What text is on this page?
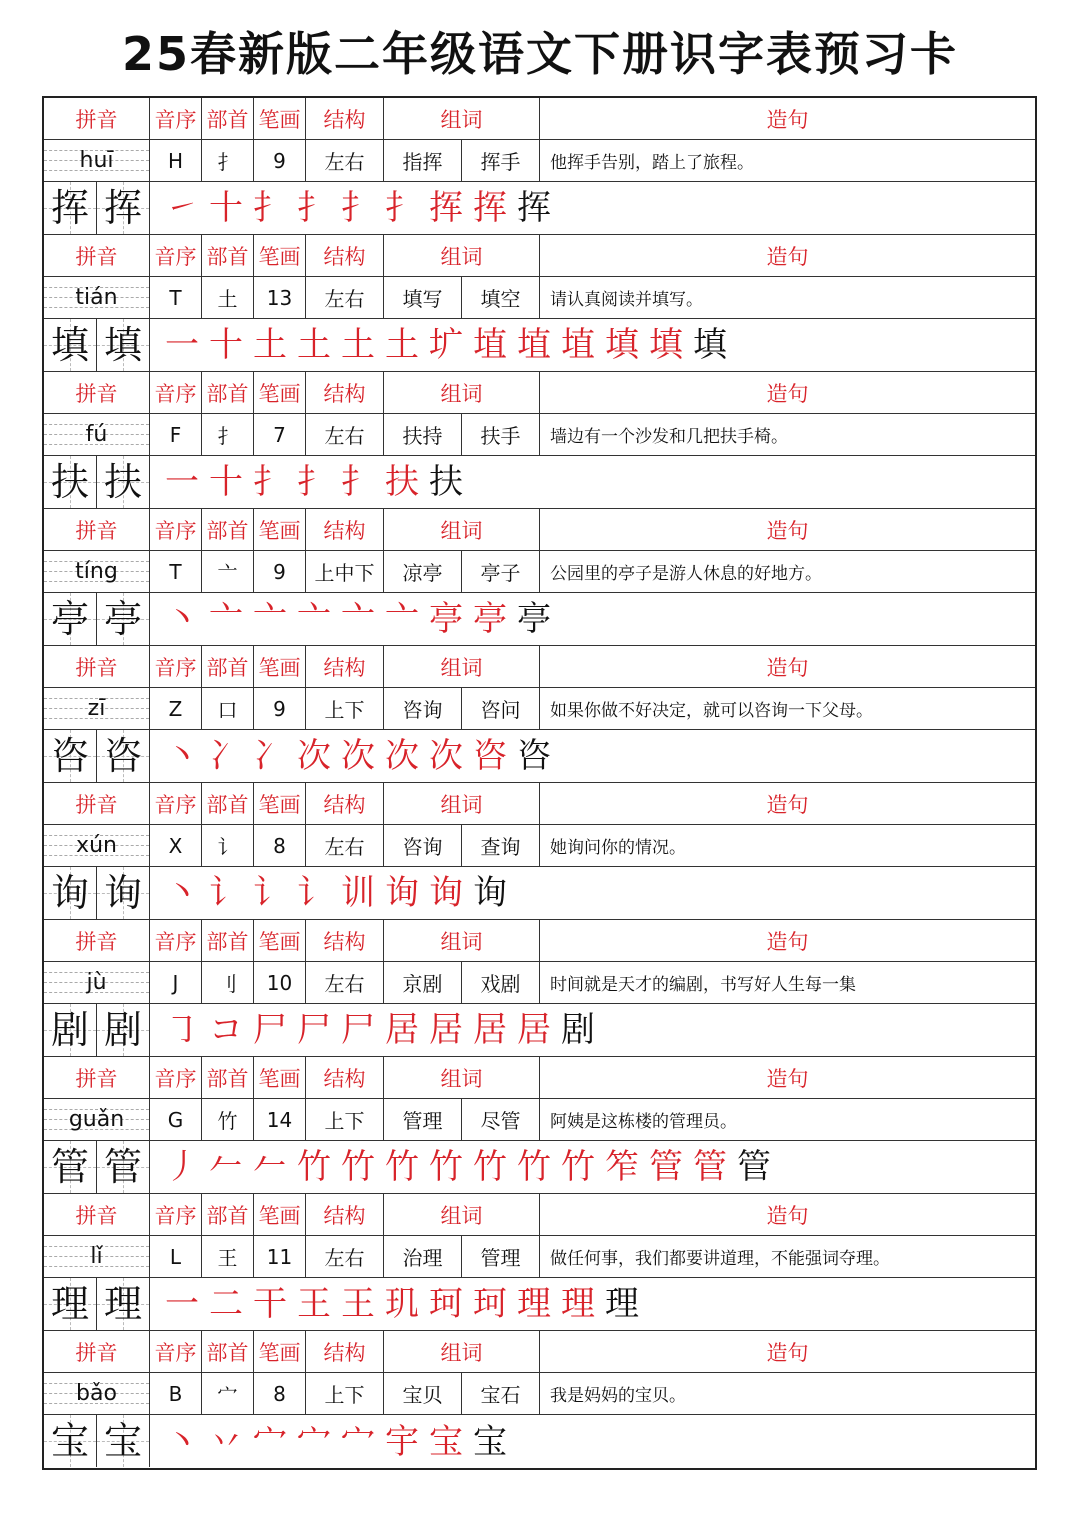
25春新版二年级语文下册识字表预习卡
拼音	音序 部首 笔画	结构	组词	造句
huī	H	扌	9	左右	指挥	挥手	他挥手告别，踏上了旅程。
挥 挥 ㇀ 十 扌 扌 扌 扌 挥 挥 挥
拼音	音序 部首 笔画	结构	组词	造句
tián	T	土	13	左右	填写	填空	请认真阅读并填写。
填 填 一 十 土 土 土 土 圹 埴 埴 埴 填 填 填
拼音	音序 部首 笔画	结构	组词	造句
fú	F	扌	7	左右	扶持	扶手	墙边有一个沙发和几把扶手椅。
扶 扶 一 十 扌 扌 扌 扶 扶
拼音	音序 部首 笔画	结构	组词	造句
tíng	T	亠	9	上中下	凉亭	亭子	公园里的亭子是游人休息的好地方。
亭 亭 丶 亠 亠 亠 亠 亠 亭 亭 亭
拼音	音序 部首 笔画	结构	组词	造句
zī	Z	口	9	上下	咨询	咨问	如果你做不好决定，就可以咨询一下父母。
咨 咨 丶 冫 冫 次 次 次 次 咨 咨
拼音	音序 部首 笔画	结构	组词	造句
xún	X	讠	8	左右	咨询	查询	她询问你的情况。
询 询 丶 讠 讠 讠 训 询 询 询
拼音	音序 部首 笔画	结构	组词	造句
jù	J	刂	10	左右	京剧	戏剧	时间就是天才的编剧，书写好人生每一集
剧 剧 ㇆ コ 尸 尸 尸 居 居 居 居 剧
拼音	音序 部首 笔画	结构	组词	造句
guǎn	G	竹	14	上下	管理	尽管	阿姨是这栋楼的管理员。
管 管 丿 𠂉 𠂉 竹 竹 竹 竹 竹 竹 竹 笮 管 管 管
拼音	音序 部首 笔画	结构	组词	造句
lǐ	L	王	11	左右	治理	管理	做任何事，我们都要讲道理，不能强词夺理。
理 理 一 二 干 王 王 玑 珂 珂 理 理 理
拼音	音序 部首 笔画	结构	组词	造句
bǎo	B	宀	8	上下	宝贝	宝石	我是妈妈的宝贝。
宝 宝 丶 丷 宀 宀 宀 宇 宝 宝
